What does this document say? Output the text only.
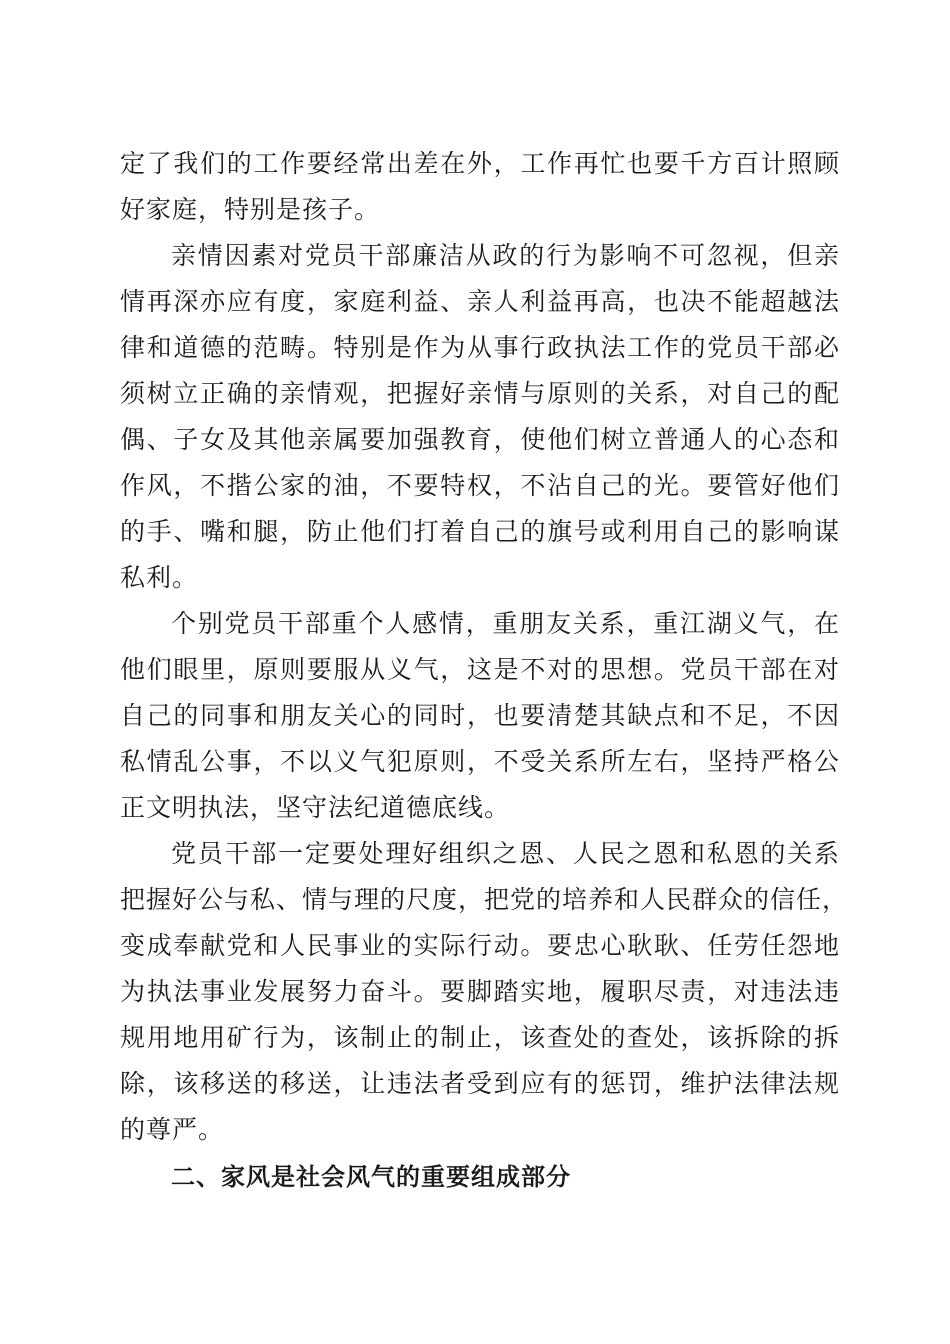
定了我们的工作要经常出差在外，工作再忙也要千方百计照顾
好家庭，特别是孩子。
亲情因素对党员干部廉洁从政的行为影响不可忽视，但亲
情再深亦应有度，家庭利益、亲人利益再高，也决不能超越法
律和道德的范畴。特别是作为从事行政执法工作的党员干部必
须树立正确的亲情观，把握好亲情与原则的关系，对自己的配
偶、子女及其他亲属要加强教育，使他们树立普通人的心态和
作风，不揩公家的油，不要特权，不沾自己的光。要管好他们
的手、嘴和腿，防止他们打着自己的旗号或利用自己的影响谋
私利。
个别党员干部重个人感情，重朋友关系，重江湖义气，在
他们眼里，原则要服从义气，这是不对的思想。党员干部在对
自己的同事和朋友关心的同时，也要清楚其缺点和不足，不因
私情乱公事，不以义气犯原则，不受关系所左右，坚持严格公
正文明执法，坚守法纪道德底线。
党员干部一定要处理好组织之恩、人民之恩和私恩的关系
把握好公与私、情与理的尺度，把党的培养和人民群众的信任，
变成奉献党和人民事业的实际行动。要忠心耿耿、任劳任怨地
为执法事业发展努力奋斗。要脚踏实地，履职尽责，对违法违
规用地用矿行为，该制止的制止，该查处的查处，该拆除的拆
除，该移送的移送，让违法者受到应有的惩罚，维护法律法规
的尊严。
二、家风是社会风气的重要组成部分
